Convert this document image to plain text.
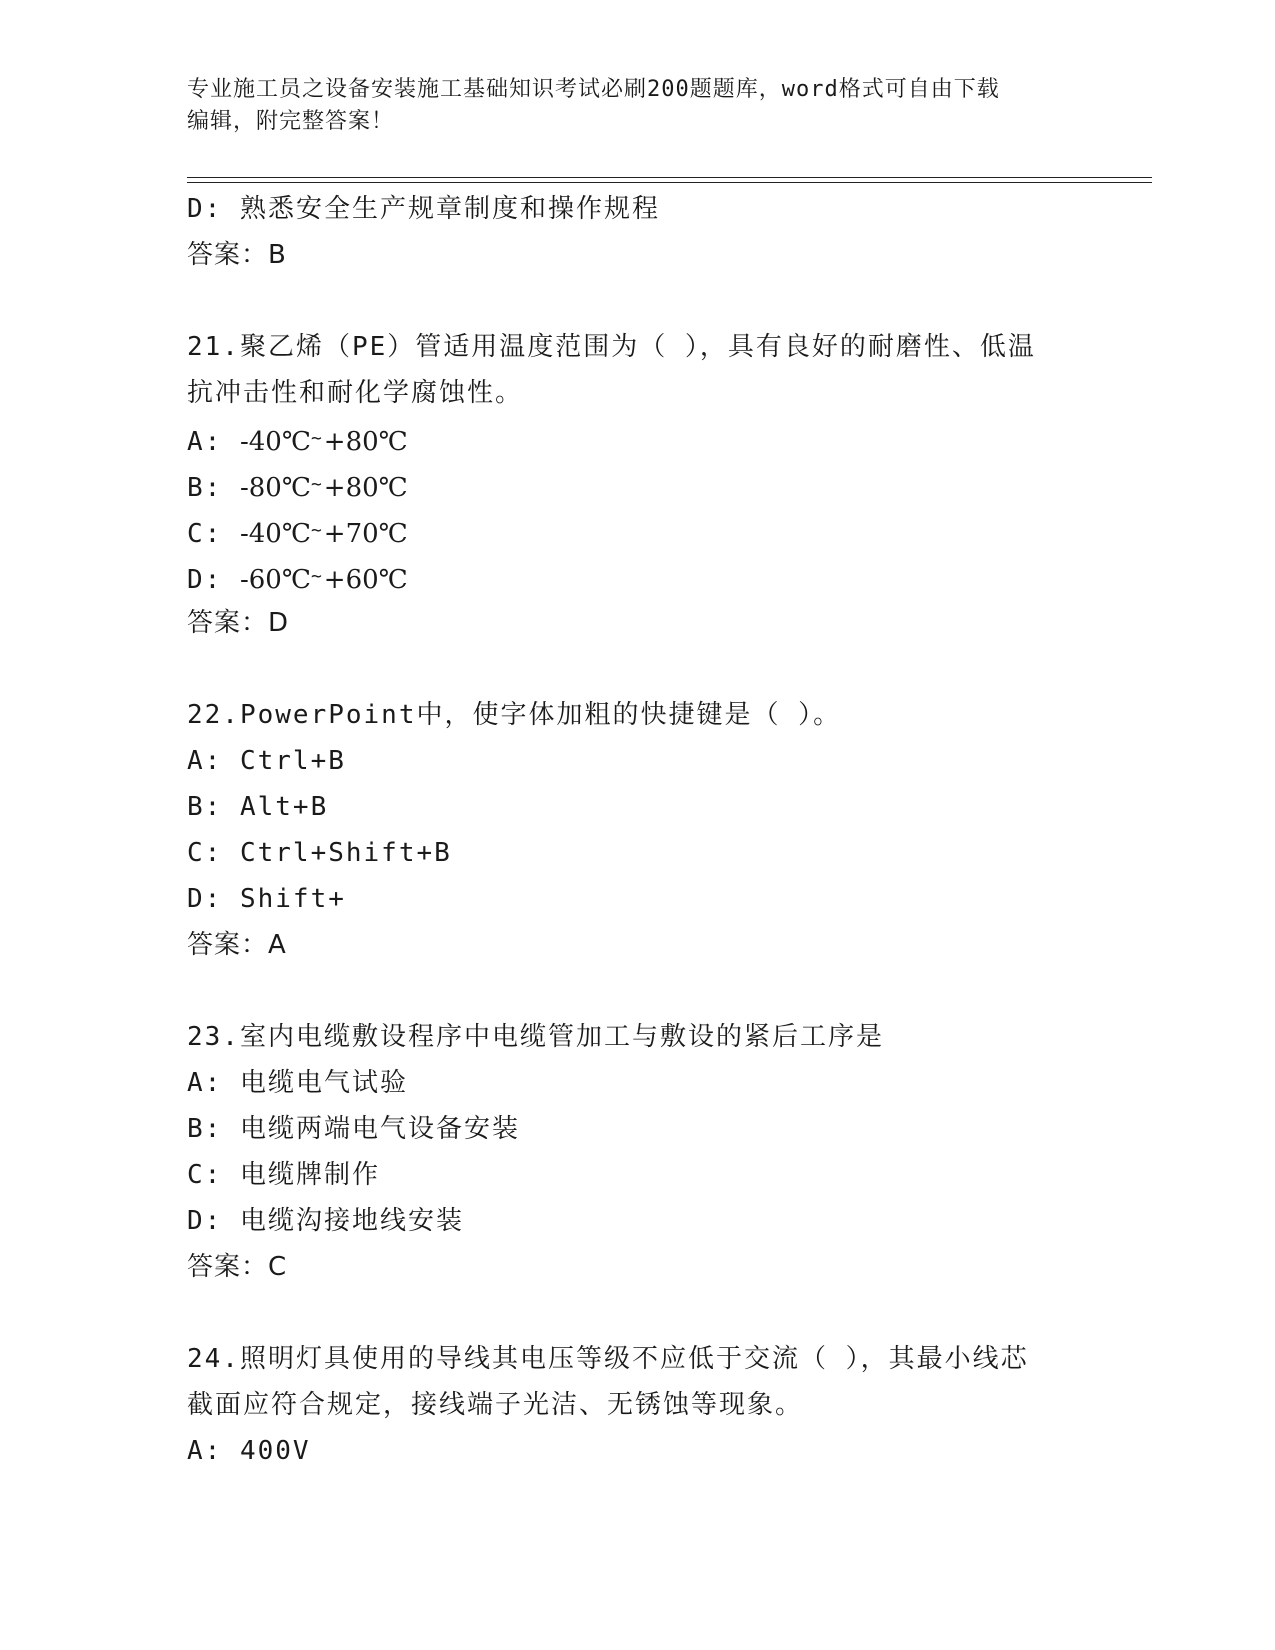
专业施工员之设备安装施工基础知识考试必刷200题题库，word格式可自由下载
编辑，附完整答案！
D: 熟悉安全生产规章制度和操作规程
答案：B
21.聚乙烯（PE）管适用温度范围为（ ），具有良好的耐磨性、低温
抗冲击性和耐化学腐蚀性。
A: -40℃~+80℃
B: -80℃~+80℃
C: -40℃~+70℃
D: -60℃~+60℃
答案：D
22.PowerPoint中，使字体加粗的快捷键是（ ）。
A: Ctrl+B
B: Alt+B
C: Ctrl+Shift+B
D: Shift+
答案：A
23.室内电缆敷设程序中电缆管加工与敷设的紧后工序是
A: 电缆电气试验
B: 电缆两端电气设备安装
C: 电缆牌制作
D: 电缆沟接地线安装
答案：C
24.照明灯具使用的导线其电压等级不应低于交流（ ），其最小线芯
截面应符合规定，接线端子光洁、无锈蚀等现象。
A: 400V
